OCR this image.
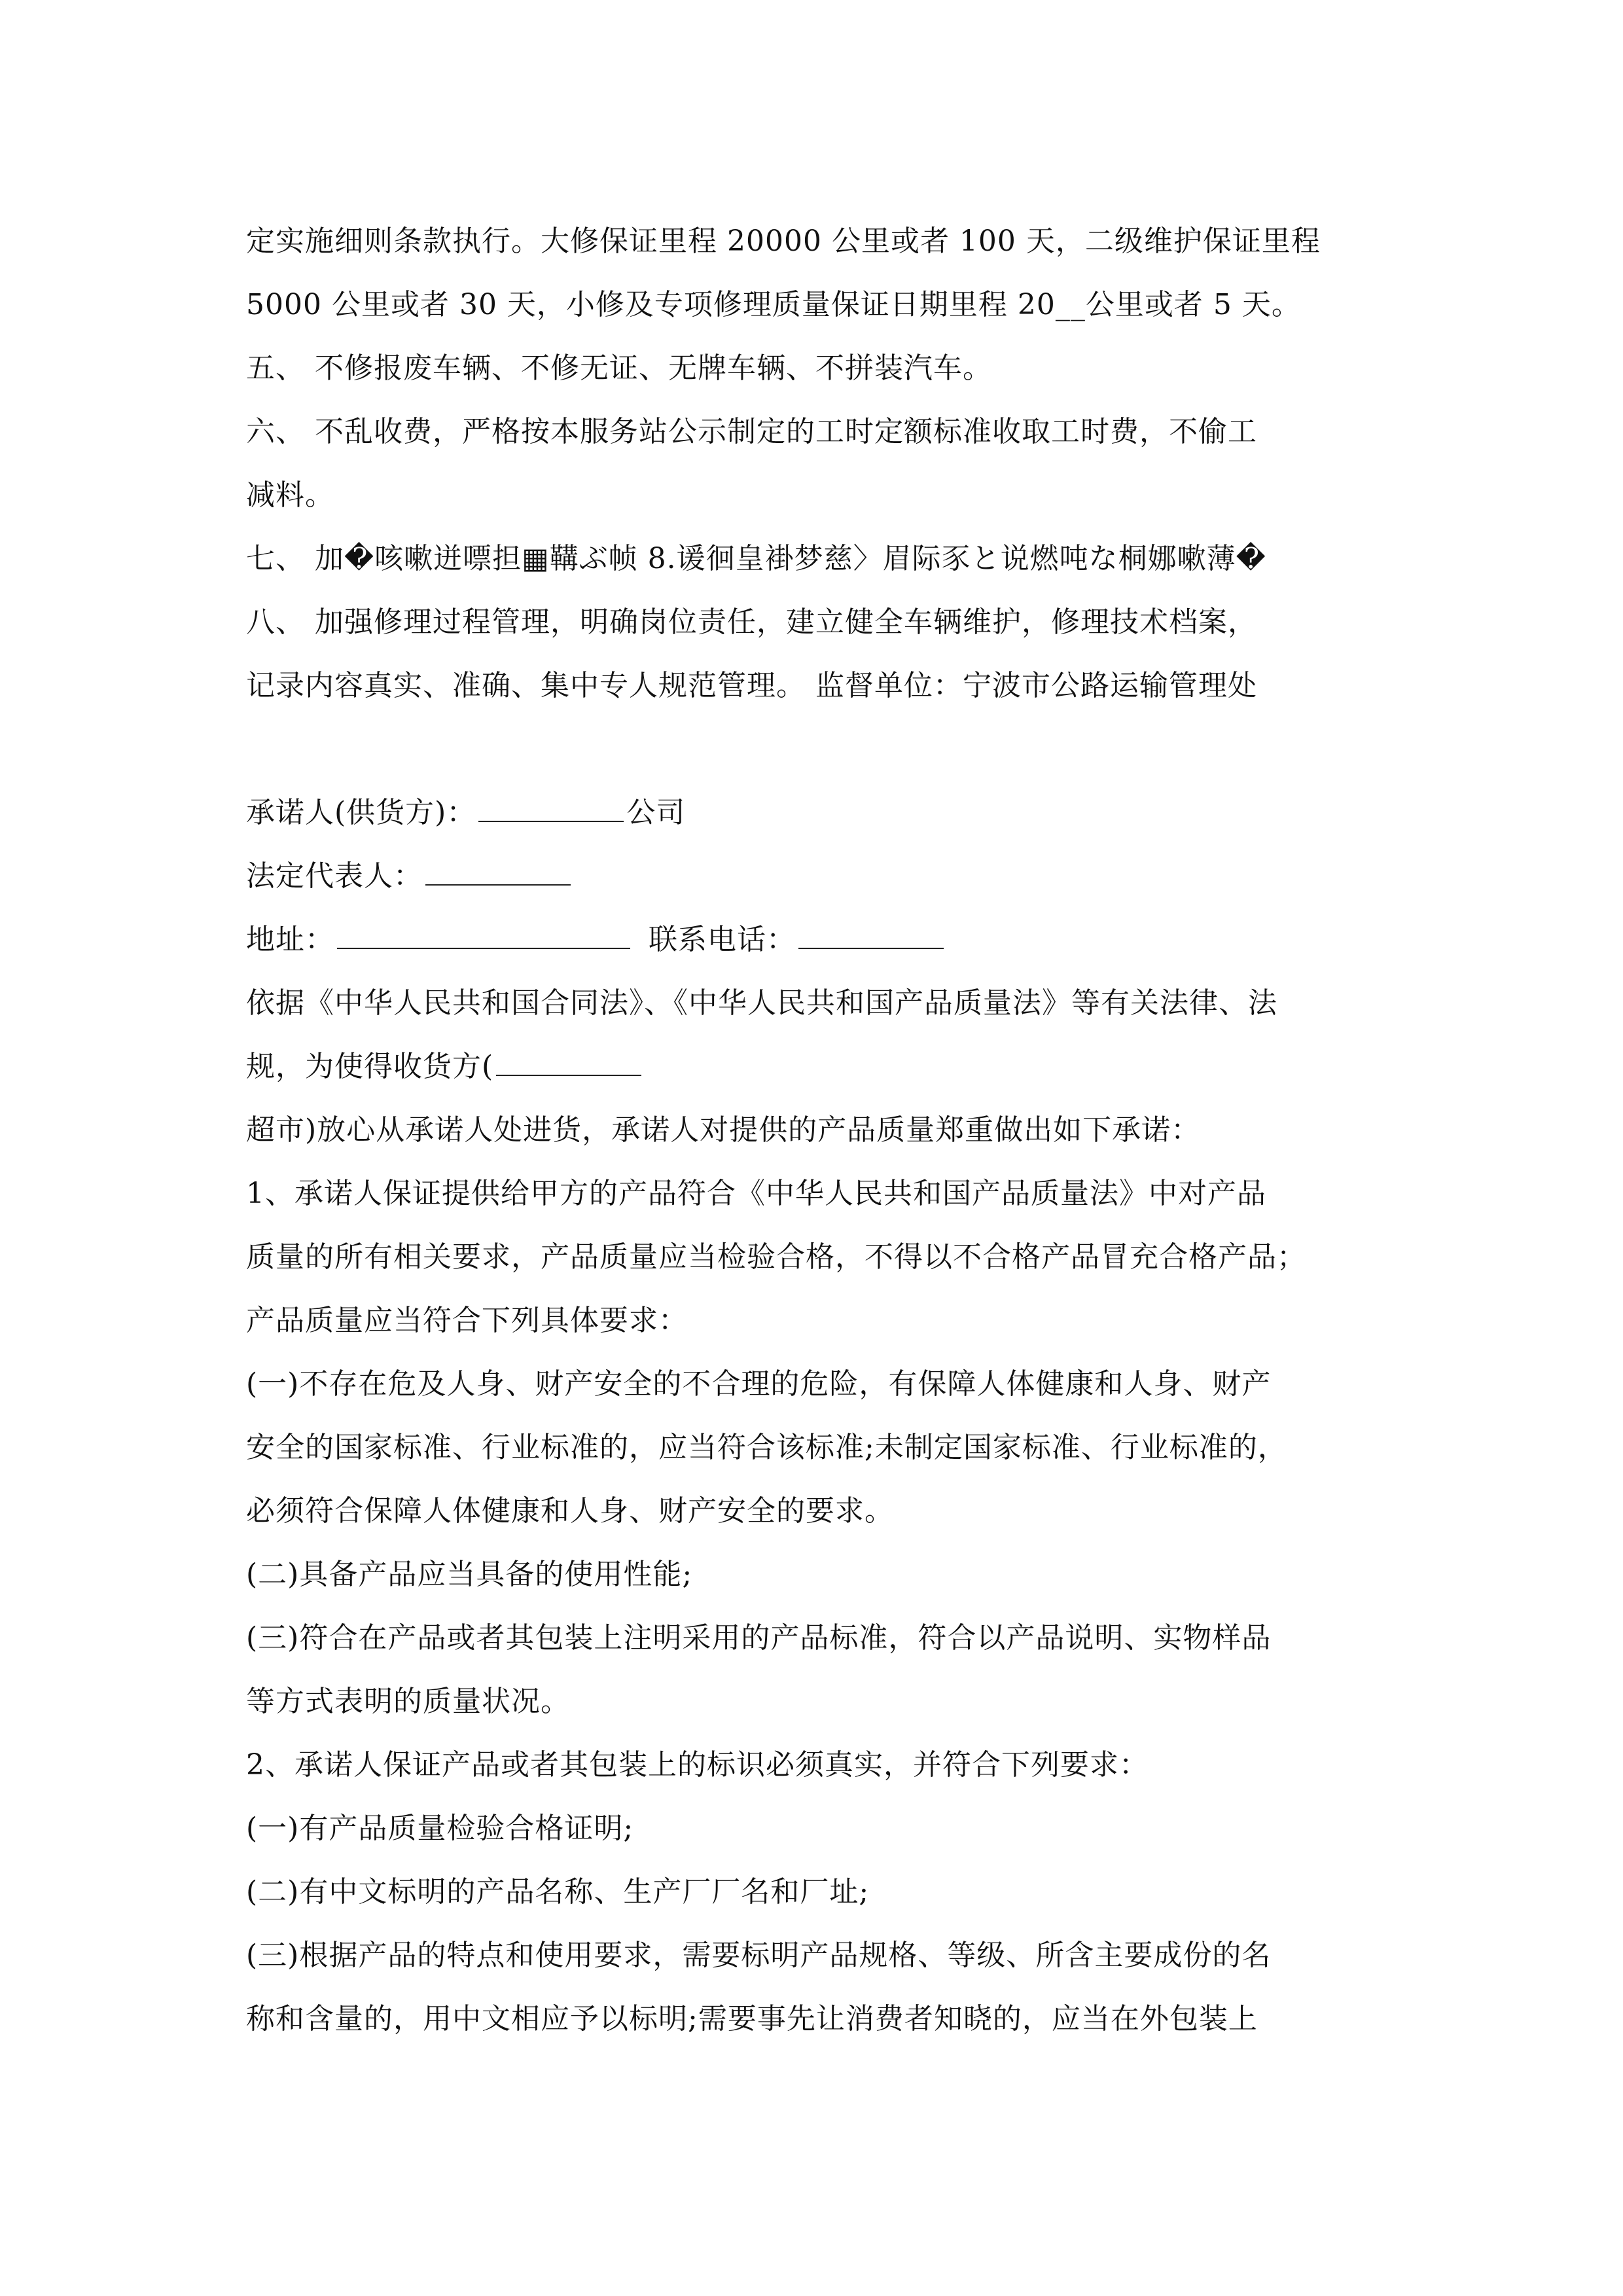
定实施细则条款执行。大修保证里程 20000 公里或者 100 天，二级维护保证里程
5000 公里或者 30 天，小修及专项修理质量保证日期里程 20__公里或者 5 天。
五、 不修报废车辆、不修无证、无牌车辆、不拼装汽车。
六、 不乱收费，严格按本服务站公示制定的工时定额标准收取工时费，不偷工
减料。
七、 加�咳嗽迸嘌担▦鞲ぶ帧 8.谖徊皇褂梦慈〉眉际豕と说燃吨な桐娜嗽薄�
八、 加强修理过程管理，明确岗位责任，建立健全车辆维护，修理技术档案，
记录内容真实、准确、集中专人规范管理。 监督单位：宁波市公路运输管理处
承诺人(供货方)：	公司
法定代表人：
地址：	联系电话：
依据《中华人民共和国合同法》、《中华人民共和国产品质量法》等有关法律、法
规，为使得收货方(
超市)放心从承诺人处进货，承诺人对提供的产品质量郑重做出如下承诺：
1、承诺人保证提供给甲方的产品符合《中华人民共和国产品质量法》中对产品
质量的所有相关要求，产品质量应当检验合格，不得以不合格产品冒充合格产品；
产品质量应当符合下列具体要求：
(一)不存在危及人身、财产安全的不合理的危险，有保障人体健康和人身、财产
安全的国家标准、行业标准的，应当符合该标准;未制定国家标准、行业标准的，
必须符合保障人体健康和人身、财产安全的要求。
(二)具备产品应当具备的使用性能;
(三)符合在产品或者其包装上注明采用的产品标准，符合以产品说明、实物样品
等方式表明的质量状况。
2、承诺人保证产品或者其包装上的标识必须真实，并符合下列要求：
(一)有产品质量检验合格证明;
(二)有中文标明的产品名称、生产厂厂名和厂址;
(三)根据产品的特点和使用要求，需要标明产品规格、等级、所含主要成份的名
称和含量的，用中文相应予以标明;需要事先让消费者知晓的，应当在外包装上
